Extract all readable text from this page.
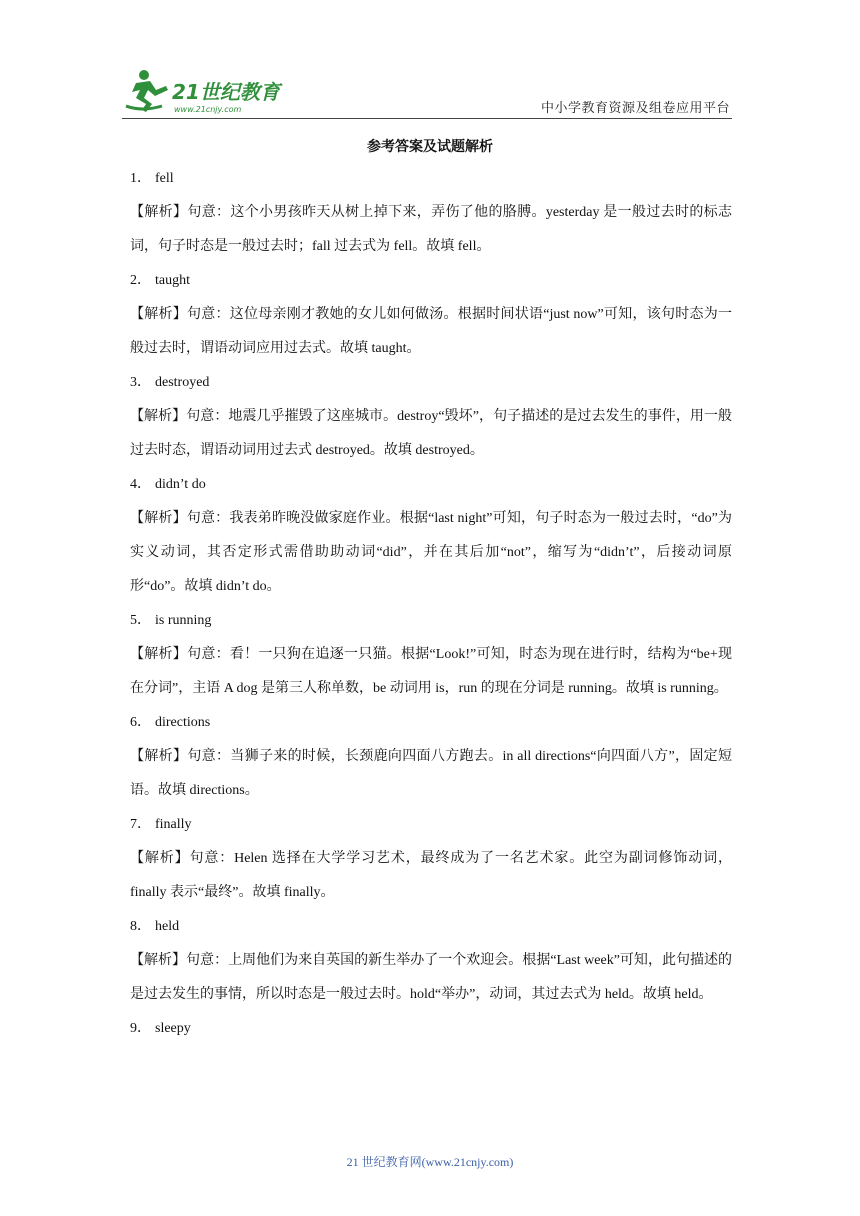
21世纪教育
www.21cnjy.com	中小学教育资源及组卷应用平台
参考答案及试题解析

1． fell

【解析】句意：这个小男孩昨天从树上掉下来，弄伤了他的胳膊。yesterday 是一般过去时的标志词，句子时态是一般过去时；fall 过去式为 fell。故填 fell。

2． taught

【解析】句意：这位母亲刚才教她的女儿如何做汤。根据时间状语“just now”可知，该句时态为一般过去时，谓语动词应用过去式。故填 taught。

3． destroyed

【解析】句意：地震几乎摧毁了这座城市。destroy“毁坏”，句子描述的是过去发生的事件，用一般过去时态，谓语动词用过去式 destroyed。故填 destroyed。

4． didn’t do

【解析】句意：我表弟昨晚没做家庭作业。根据“last night”可知，句子时态为一般过去时，“do”为实义动词，其否定形式需借助助动词“did”，并在其后加“not”，缩写为“didn’t”，后接动词原形“do”。故填 didn’t do。

5． is running

【解析】句意：看！一只狗在追逐一只猫。根据“Look!”可知，时态为现在进行时，结构为“be+现在分词”，主语 A dog 是第三人称单数，be 动词用 is，run 的现在分词是 running。故填 is running。

6． directions

【解析】句意：当狮子来的时候，长颈鹿向四面八方跑去。in all directions“向四面八方”，固定短语。故填 directions。

7． finally

【解析】句意：Helen 选择在大学学习艺术，最终成为了一名艺术家。此空为副词修饰动词，finally 表示“最终”。故填 finally。

8． held

【解析】句意：上周他们为来自英国的新生举办了一个欢迎会。根据“Last week”可知，此句描述的是过去发生的事情，所以时态是一般过去时。hold“举办”，动词，其过去式为 held。故填 held。

9． sleepy

21 世纪教育网(www.21cnjy.com)
